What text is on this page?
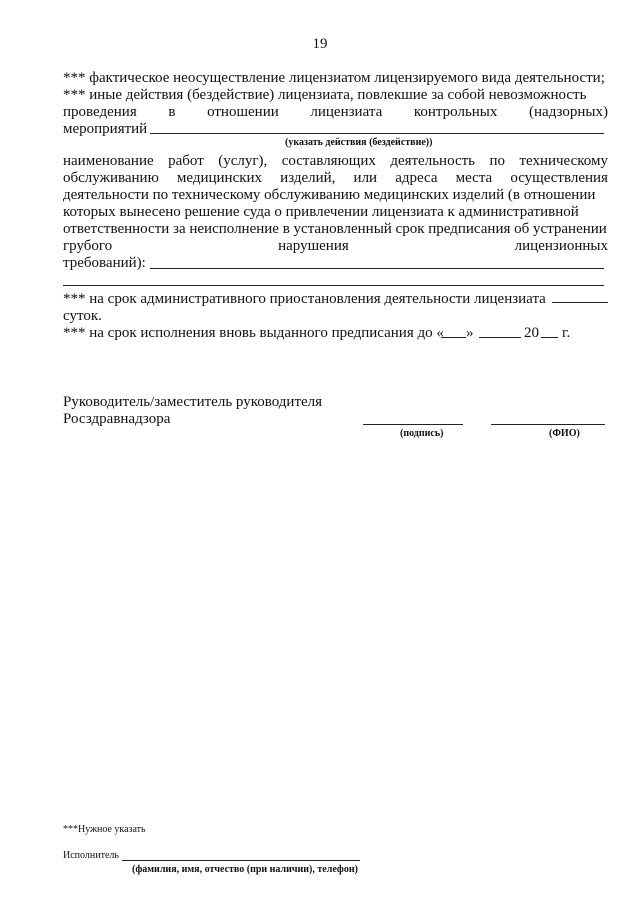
19
*** фактическое неосуществление лицензиатом лицензируемого вида деятельности;
*** иные действия (бездействие) лицензиата, повлекшие за собой невозможность
проведения в отношении лицензиата контрольных (надзорных)
мероприятий
(указать действия (бездействие))
наименование работ (услуг), составляющих деятельность по техническому
обслуживанию медицинских изделий, или адреса места осуществления
деятельности по техническому обслуживанию медицинских изделий (в отношении
которых вынесено решение суда о привлечении лицензиата к административной
ответственности за неисполнение в установленный срок предписания об устранении
грубого	нарушения	лицензионных
требований):
*** на срок административного приостановления деятельности лицензиата
суток.
*** на срок исполнения вновь выданного предписания до « »	20 г.
Руководитель/заместитель руководителя
Росздравнадзора
(подпись)	(ФИО)
***Нужное указать
Исполнитель
(фамилия, имя, отчество (при наличии), телефон)
